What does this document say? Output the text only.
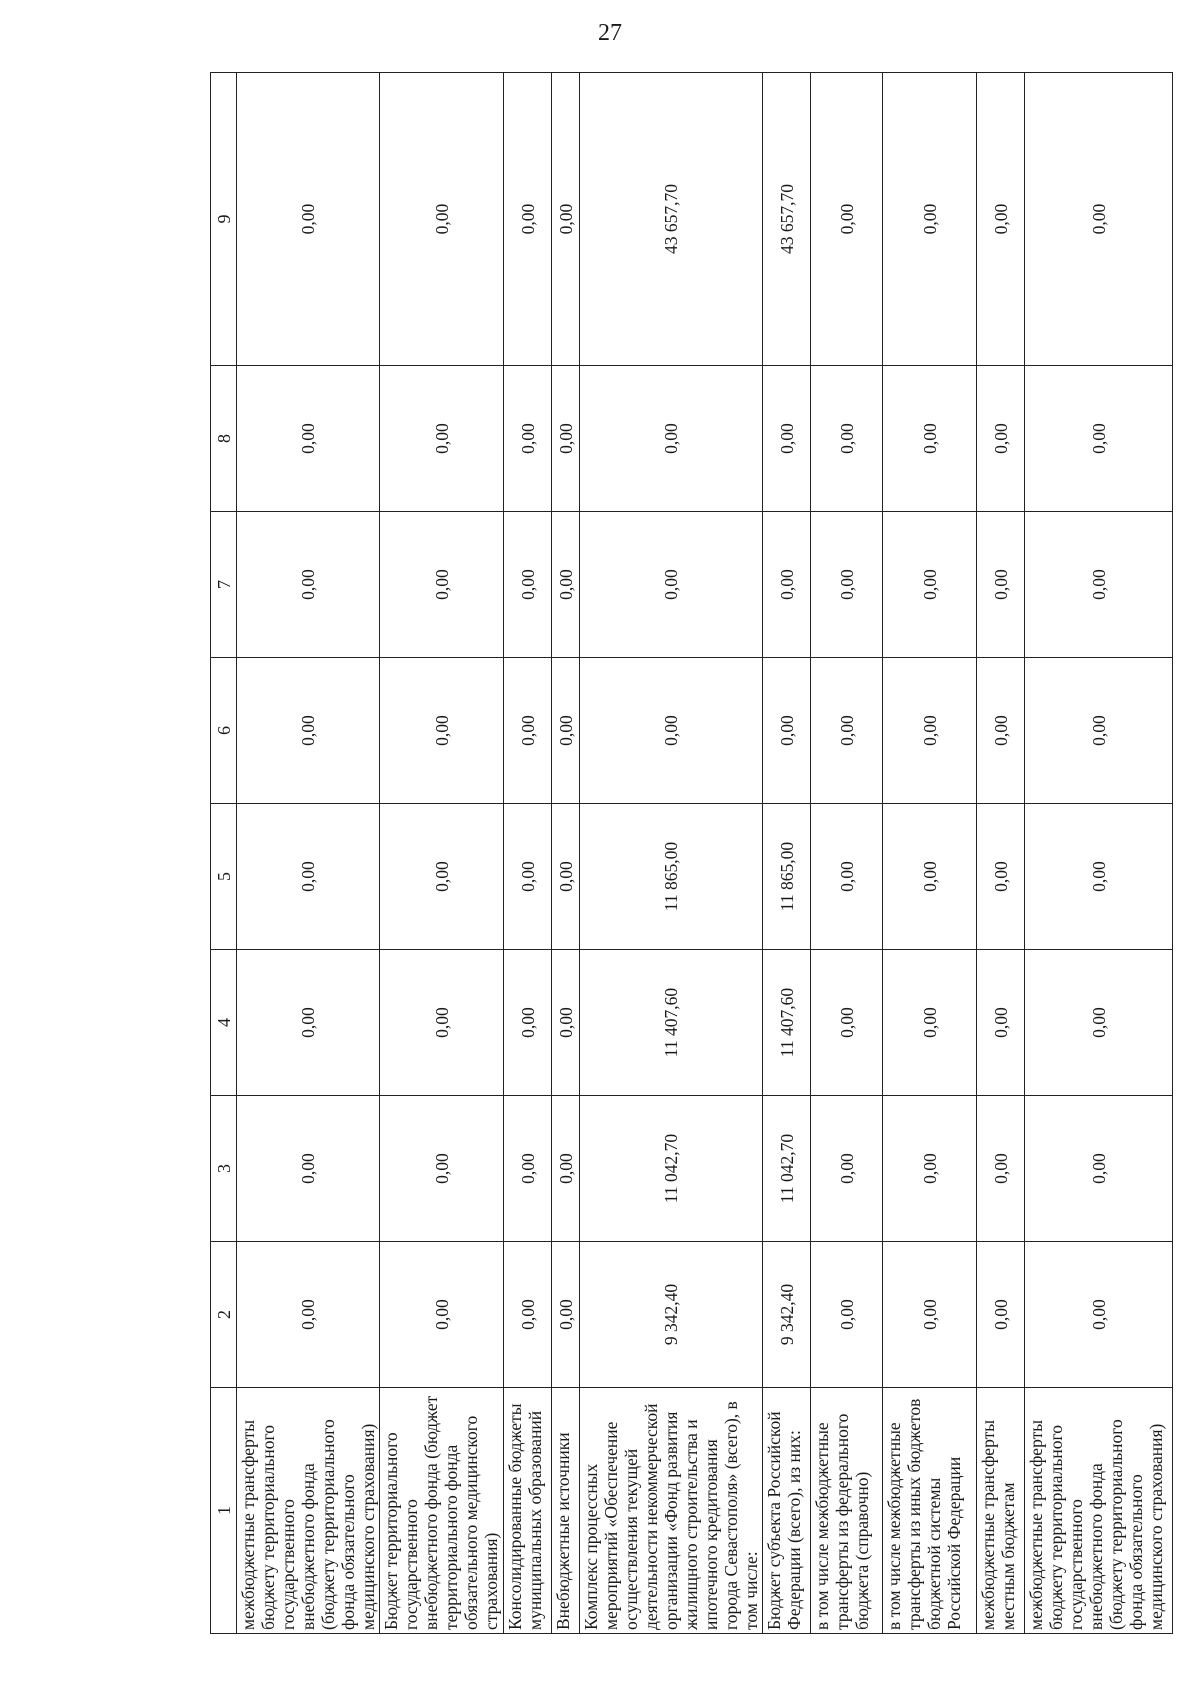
27
1	2	3	4	5	6	7	8	9
межбюджетные трансферты бюджету территориального государственного внебюджетного фонда (бюджету территориального фонда обязательного медицинского страхования)	0,00	0,00	0,00	0,00	0,00	0,00	0,00	0,00
Бюджет территориального государственного внебюджетного фонда (бюджет территориального фонда обязательного медицинского страхования)	0,00	0,00	0,00	0,00	0,00	0,00	0,00	0,00
Консолидированные бюджеты муниципальных образований	0,00	0,00	0,00	0,00	0,00	0,00	0,00	0,00
Внебюджетные источники	0,00	0,00	0,00	0,00	0,00	0,00	0,00	0,00
Комплекс процессных мероприятий «Обеспечение осуществления текущей деятельности некоммерческой организации «Фонд развития жилищного строительства и ипотечного кредитования города Севастополя» (всего), в том числе:	9 342,40	11 042,70	11 407,60	11 865,00	0,00	0,00	0,00	43 657,70
Бюджет субъекта Российской Федерации (всего), из них:	9 342,40	11 042,70	11 407,60	11 865,00	0,00	0,00	0,00	43 657,70
в том числе межбюджетные трансферты из федерального бюджета (справочно)	0,00	0,00	0,00	0,00	0,00	0,00	0,00	0,00
в том числе межбюджетные трансферты из иных бюджетов бюджетной системы Российской Федерации	0,00	0,00	0,00	0,00	0,00	0,00	0,00	0,00
межбюджетные трансферты местным бюджетам	0,00	0,00	0,00	0,00	0,00	0,00	0,00	0,00
межбюджетные трансферты бюджету территориального государственного внебюджетного фонда (бюджету территориального фонда обязательного медицинского страхования)	0,00	0,00	0,00	0,00	0,00	0,00	0,00	0,00
